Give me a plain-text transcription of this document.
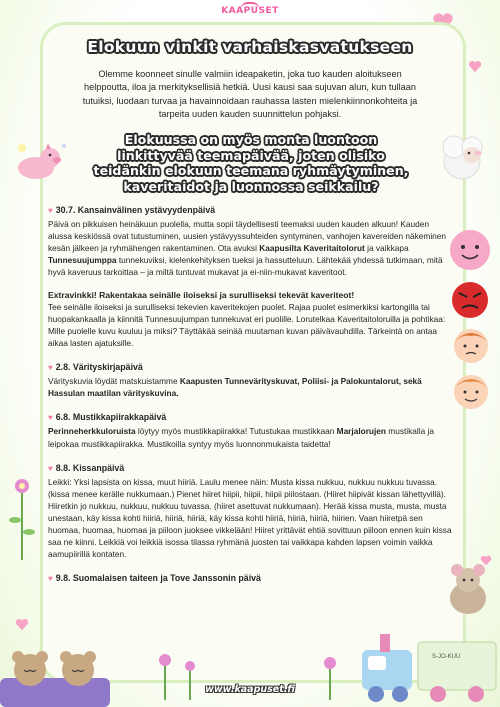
KAAPUSET
Elokuun vinkit varhaiskasvatukseen
Olemme koonneet sinulle valmiin ideapaketin, joka tuo kauden aloitukseen helppoutta, iloa ja merkityksellisiä hetkiä. Uusi kausi saa sujuvan alun, kun tullaan tutuiksi, luodaan turvaa ja havainnoidaan rauhassa lasten mielenkiinnonkohteita ja tarpeita uuden kauden suunnittelun pohjaksi.
Elokuussa on myös monta luontoon linkittyvää teemapäivää, joten olisiko teidänkin elokuun teemana ryhmäytyminen, kaveritaidot ja luonnossa seikkailu?
♥ 30.7. Kansainvälinen ystävyydenpäivä
Päivä on pikkuisen heinäkuun puolella, mutta sopii täydellisesti teemaksi uuden kauden alkuun! Kauden alussa keskiössä ovat tutustuminen, uusien ystävyyssuhteiden syntyminen, vanhojen kavereiden näkeminen kesän jälkeen ja ryhmähengen rakentaminen. Ota avuksi Kaapusilta Kaveritaitolorut ja vaikkapa Tunnesuujumppa tunnekuviksi, kielenkehityksen tueksi ja hassutteluun. Lähtekää yhdessä tutkimaan, mitä hyvä kaveruus tarkoittaa – ja miltä tuntuvat mukavat ja ei-niin-mukavat kaveritoot.
Extravinkki! Rakentakaa seinälle iloiseksi ja surulliseksi tekevät kaveriteot!
Tee seinälle iloiseksi ja surulliseksi tekevien kaveritekojen puolet. Rajaa puolet esimerkiksi kartongilla tai huopakankaalla ja kiinnitä Tunnesuujumpan tunnekuvat eri puolille. Lorutelkaa Kaveritaitoloruilla ja pohtikaa: Mille puolelle kuvu kuuluu ja miksi? Täyttäkää seinää muutaman kuvan päivävauhdilla. Tärkeintä on antaa aikaa lasten ajatuksille.
♥ 2.8. Värityskirjapäivä
Värityskuvia löydät matskuistamme Kaapusten Tunnevärityskuvat, Poliisi- ja Palokuntalorut, sekä Hassulan maatilan värityskuvina.
♥ 6.8. Mustikkapiirakkapäivä
Perinneherkkuloruista löytyy myös mustikkapiirakka! Tutustukaa mustikkaan Marjalorujen mustikalla ja leipokaa mustikkapiirakka. Mustikoilla syntyy myös luonnonmukaista taidetta!
♥ 8.8. Kissanpäivä
Leikki: Yksi lapsista on kissa, muut hiiriä. Laulu menee näin: Musta kissa nukkuu, nukkuu nukkuu tuvassa. (kissa menee kerälle nukkumaan.) Pienet hiiret hiipii, hiipii, hiipii piilostaan. (Hiiret hiipivät kissan lähettyvillä). Hiiretkin jo nukkuu, nukkuu, nukkuu tuvassa. (hiiret asettuvat nukkumaan). Herää kissa musta, musta, musta unestaan, käy kissa kohti hiiriä, hiiriä, hiiriä, käy kissa kohti hiiriä, hiiriä, hiiriä, hiirien. Vaan hiiretpä sen huomaa, huomaa, huomaa ja piiloon juoksee vikkelään! Hiiret yrittävät ehtiä sovittuun piiloon ennen kuin kissa saa ne kiinni. Leikkiä voi leikkiä isossa tilassa ryhmänä juosten tai vaikkapa kahden lapsen voimin vaikka aamupiirillä kontaten.
♥ 9.8. Suomalaisen taiteen ja Tove Janssonin päivä
S-JO-KUU
www.kaapuset.fi
